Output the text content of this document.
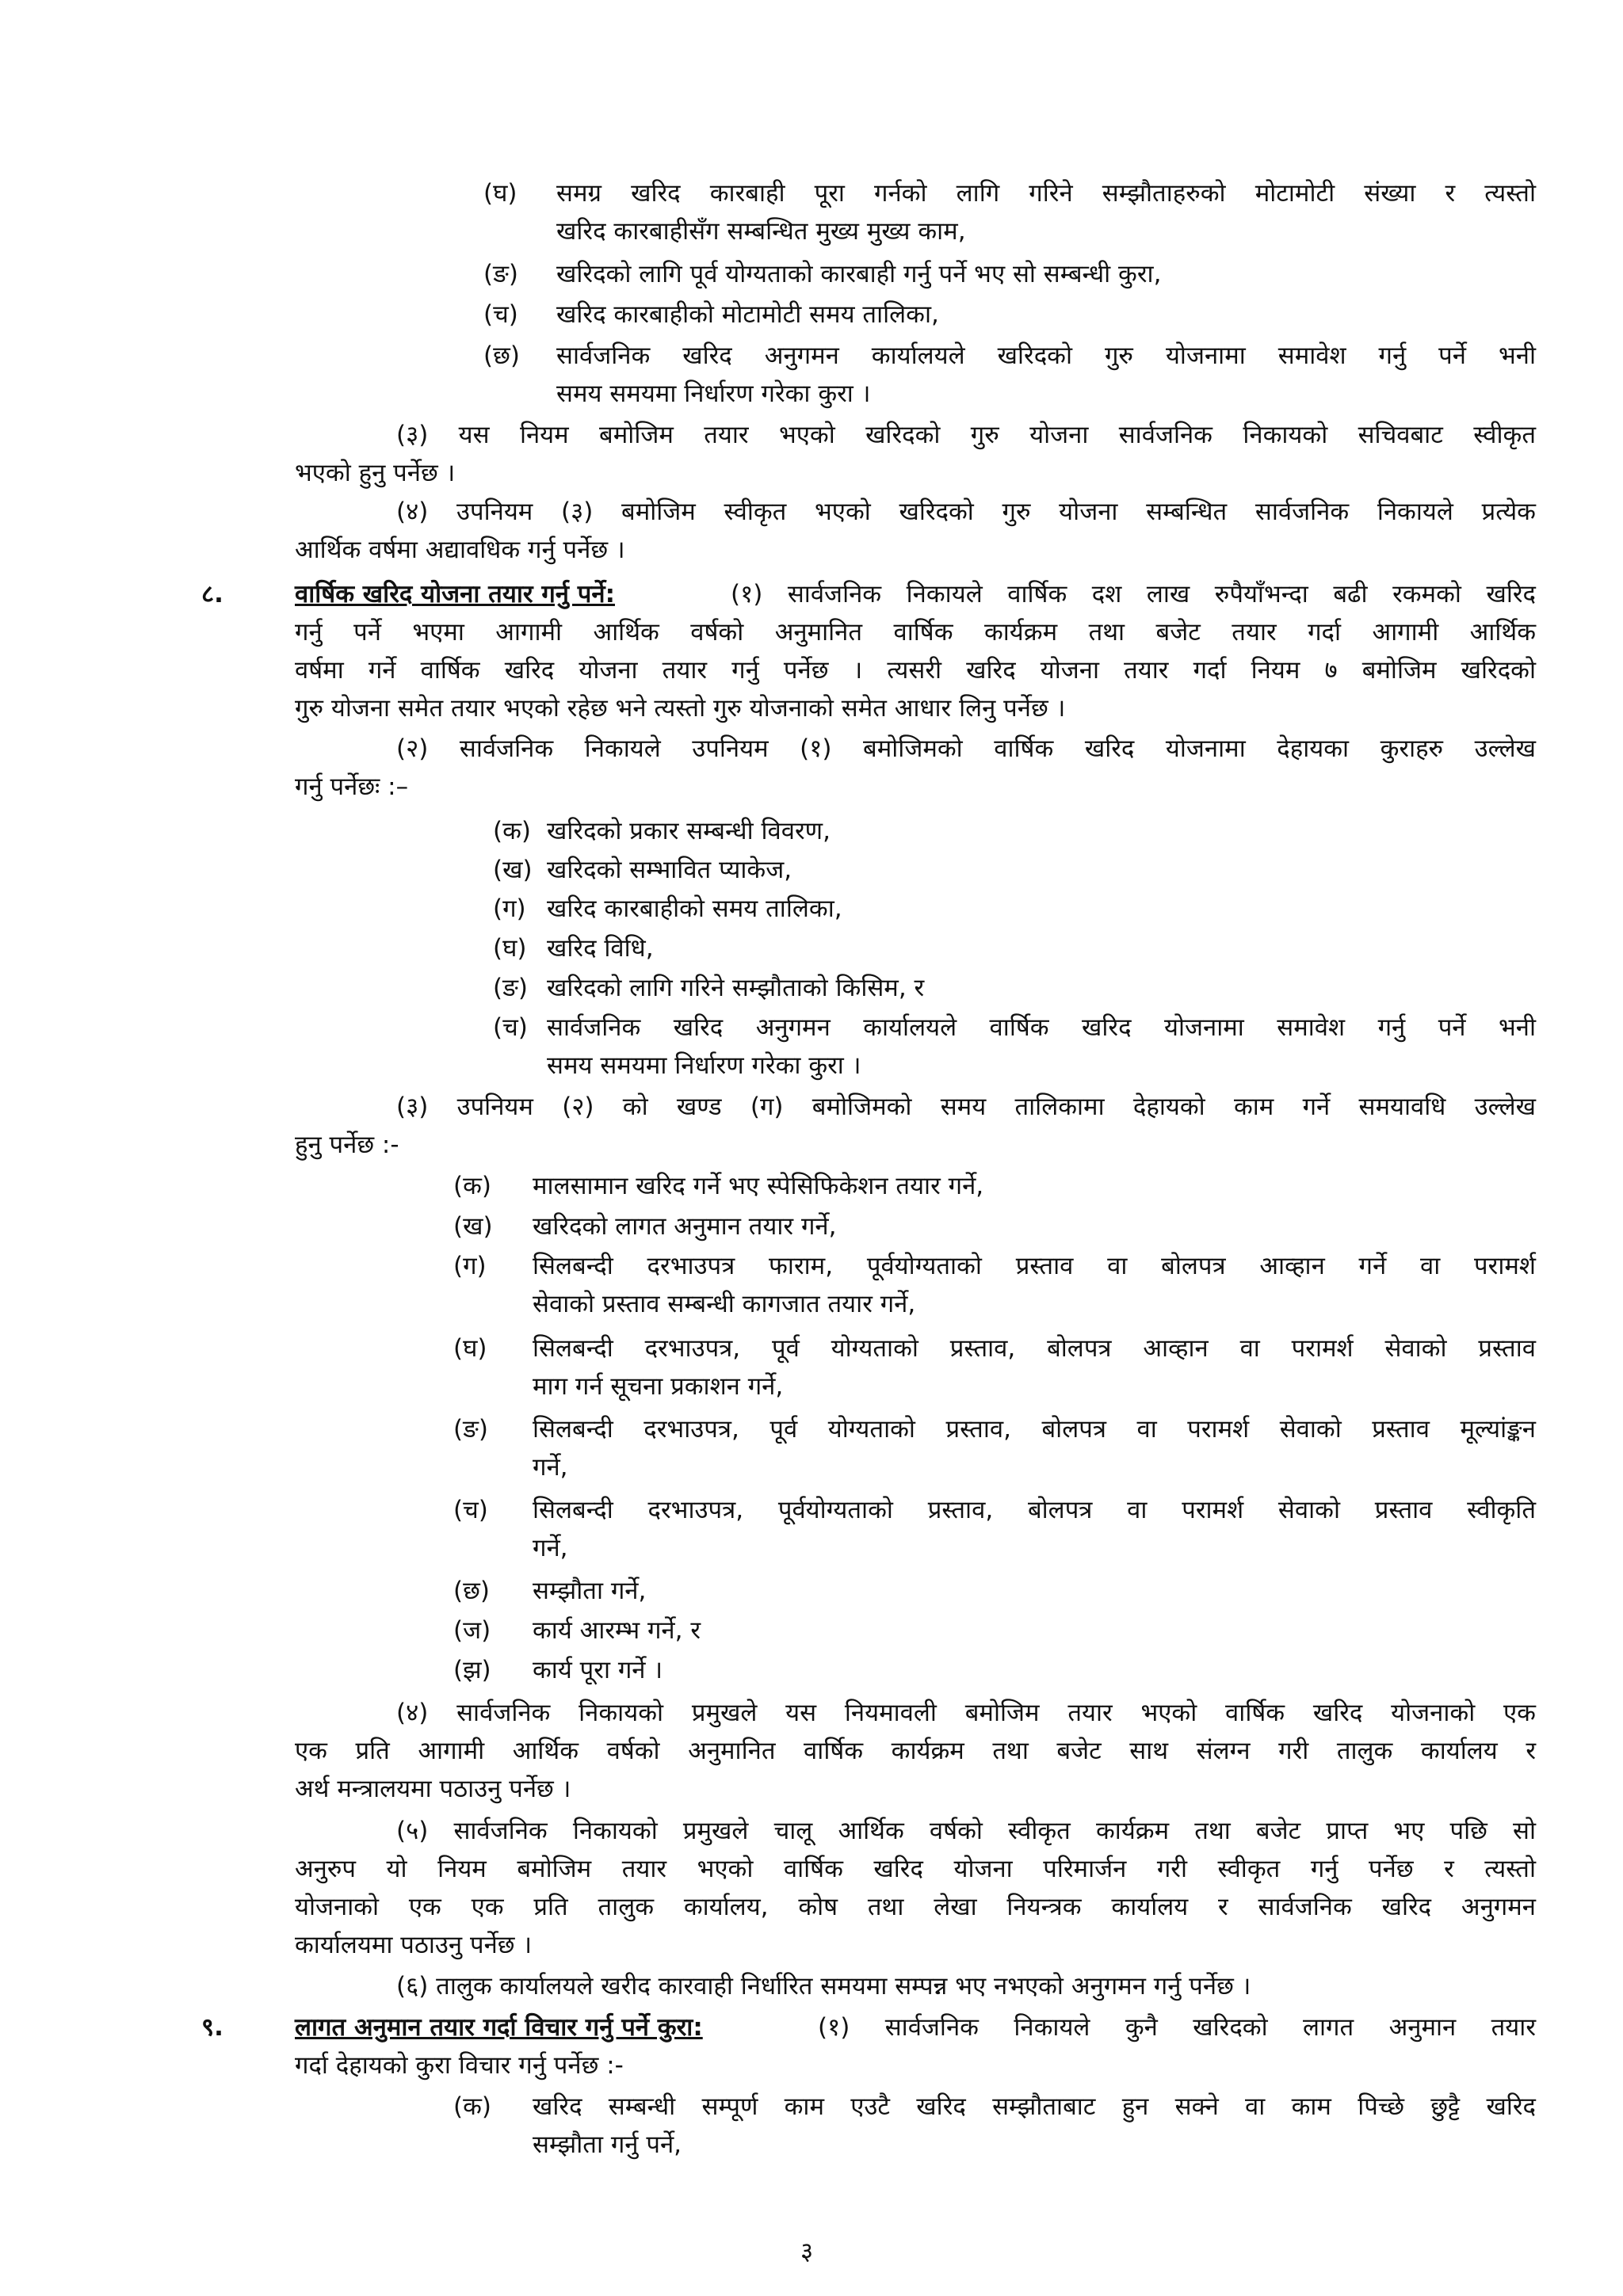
(घ) समग्र खरिद कारबाही पूरा गर्नको लागि गरिने सम्झौताहरुको मोटामोटी संख्या र त्यस्तो
खरिद कारबाहीसँग सम्बन्धित मुख्य मुख्य काम,
(ङ) खरिदको लागि पूर्व योग्यताको कारबाही गर्नु पर्ने भए सो सम्बन्धी कुरा,
(च) खरिद कारबाहीको मोटामोटी समय तालिका,
(छ) सार्वजनिक खरिद अनुगमन कार्यालयले खरिदको गुरु योजनामा समावेश गर्नु पर्ने भनी
समय समयमा निर्धारण गरेका कुरा ।
(३) यस नियम बमोजिम तयार भएको खरिदको गुरु योजना सार्वजनिक निकायको सचिवबाट स्वीकृत
भएको हुनु पर्नेछ ।
(४) उपनियम (३) बमोजिम स्वीकृत भएको खरिदको गुरु योजना सम्बन्धित सार्वजनिक निकायले प्रत्येक
आर्थिक वर्षमा अद्यावधिक गर्नु पर्नेछ ।
८.	वार्षिक खरिद योजना तयार गर्नु पर्ने:	(१) सार्वजनिक निकायले वार्षिक दश लाख रुपैयाँभन्दा बढी रकमको खरिद
गर्नु पर्ने भएमा आगामी आर्थिक वर्षको अनुमानित वार्षिक कार्यक्रम तथा बजेट तयार गर्दा आगामी आर्थिक
वर्षमा गर्ने वार्षिक खरिद योजना तयार गर्नु पर्नेछ । त्यसरी खरिद योजना तयार गर्दा नियम ७ बमोजिम खरिदको
गुरु योजना समेत तयार भएको रहेछ भने त्यस्तो गुरु योजनाको समेत आधार लिनु पर्नेछ ।
(२) सार्वजनिक निकायले उपनियम (१) बमोजिमको वार्षिक खरिद योजनामा देहायका कुराहरु उल्लेख
गर्नु पर्नेछः :–
(क) खरिदको प्रकार सम्बन्धी विवरण,
(ख) खरिदको सम्भावित प्याकेज,
(ग) खरिद कारबाहीको समय तालिका,
(घ) खरिद विधि,
(ङ) खरिदको लागि गरिने सम्झौताको किसिम, र
(च) सार्वजनिक खरिद अनुगमन कार्यालयले वार्षिक खरिद योजनामा समावेश गर्नु पर्ने भनी
समय समयमा निर्धारण गरेका कुरा ।
(३) उपनियम (२) को खण्ड (ग) बमोजिमको समय तालिकामा देहायको काम गर्ने समयावधि उल्लेख
हुनु पर्नेछ :-
(क) मालसामान खरिद गर्ने भए स्पेसिफिकेशन तयार गर्ने,
(ख) खरिदको लागत अनुमान तयार गर्ने,
(ग) सिलबन्दी दरभाउपत्र फाराम, पूर्वयोग्यताको प्रस्ताव वा बोलपत्र आव्हान गर्ने वा परामर्श
सेवाको प्रस्ताव सम्बन्धी कागजात तयार गर्ने,
(घ) सिलबन्दी दरभाउपत्र, पूर्व योग्यताको प्रस्ताव, बोलपत्र आव्हान वा परामर्श सेवाको प्रस्ताव
माग गर्न सूचना प्रकाशन गर्ने,
(ङ) सिलबन्दी दरभाउपत्र, पूर्व योग्यताको प्रस्ताव, बोलपत्र वा परामर्श सेवाको प्रस्ताव मूल्यांङ्कन
गर्ने,
(च) सिलबन्दी दरभाउपत्र, पूर्वयोग्यताको प्रस्ताव, बोलपत्र वा परामर्श सेवाको प्रस्ताव स्वीकृति
गर्ने,
(छ) सम्झौता गर्ने,
(ज) कार्य आरम्भ गर्ने, र
(झ) कार्य पूरा गर्ने ।
(४) सार्वजनिक निकायको प्रमुखले यस नियमावली बमोजिम तयार भएको वार्षिक खरिद योजनाको एक
एक प्रति आगामी आर्थिक वर्षको अनुमानित वार्षिक कार्यक्रम तथा बजेट साथ संलग्न गरी तालुक कार्यालय र
अर्थ मन्त्रालयमा पठाउनु पर्नेछ ।
(५) सार्वजनिक निकायको प्रमुखले चालू आर्थिक वर्षको स्वीकृत कार्यक्रम तथा बजेट प्राप्त भए पछि सो
अनुरुप यो नियम बमोजिम तयार भएको वार्षिक खरिद योजना परिमार्जन गरी स्वीकृत गर्नु पर्नेछ र त्यस्तो
योजनाको एक एक प्रति तालुक कार्यालय, कोष तथा लेखा नियन्त्रक कार्यालय र सार्वजनिक खरिद अनुगमन
कार्यालयमा पठाउनु पर्नेछ ।
(६) तालुक कार्यालयले खरीद कारवाही निर्धारित समयमा सम्पन्न भए नभएको अनुगमन गर्नु पर्नेछ ।
९.	लागत अनुमान तयार गर्दा विचार गर्नु पर्ने कुरा:	(१) सार्वजनिक निकायले कुनै खरिदको लागत अनुमान तयार
गर्दा देहायको कुरा विचार गर्नु पर्नेछ :-
(क) खरिद सम्बन्धी सम्पूर्ण काम एउटै खरिद सम्झौताबाट हुन सक्ने वा काम पिच्छे छुट्टै खरिद
सम्झौता गर्नु पर्ने,
३
